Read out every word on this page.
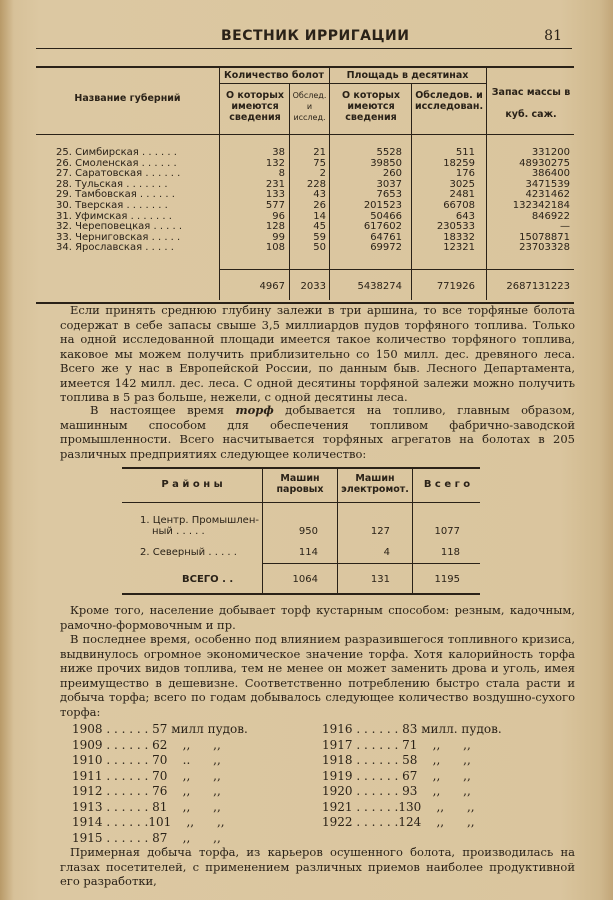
ВЕСТНИК ИРРИГАЦИИ	81
Название губерний
Количество болот
О которых имеются сведения
Обслед. и исслед.
Площадь в десятинах
О которых имеются сведения
Обследов. и исследован.
Запас массы в куб. саж.
25. Симбирская . . . . . .	38	21	5528	511	331200
26. Смоленская . . . . . .	132	75	39850	18259	48930275
27. Саратовская . . . . . .	8	2	260	176	386400
28. Тульская . . . . . . .	231	228	3037	3025	3471539
29. Тамбовская . . . . . .	133	43	7653	2481	4231462
30. Тверская . . . . . . .	577	26	201523	66708	132342184
31. Уфимская . . . . . . .	96	14	50466	643	846922
32. Череповецкая . . . . .	128	45	617602	230533	—
33. Черниговская . . . . .	99	59	64761	18332	15078871
34. Ярославская . . . . .	108	50	69972	12321	23703328
4967	2033	5438274	771926	2687131223
Если принять среднюю глубину залежи в три аршина, то все торфяные болота содержат в себе запасы свыше 3,5 миллиардов пудов торфяного топлива. Только на одной исследованной площади имеется такое количество торфяного топлива, каковое мы можем получить приблизительно со 150 милл. дес. древяного леса. Всего же у нас в Европейской России, по данным быв. Лесного Департамента, имеется 142 милл. дес. леса. С одной десятины торфяной залежи можно получить топлива в 5 раз больше, нежели, с одной десятины леса.
В настоящее время торф добывается на топливо, главным образом, машинным способом для обеспечения топливом фабрично-заводской промышленности. Всего насчитывается торфяных агрегатов на болотах в 205 различных предприятиях следующее количество:
Р а й о н ы
Машин паровых
Машин электромот.	В с е г о
1. Центр. Промышлен-
ный . . . . .	950	127	1077
2. Северный . . . . .	114	4	118
ВСЕГО . .	1064	131	1195
Кроме того, население добывает торф кустарным способом: резным, кадочным, рамочно-формовочным и пр.
В последнее время, особенно под влиянием разразившегося топливного кризиса, выдвинулось огромное экономическое значение торфа. Хотя калорийность торфа ниже прочих видов топлива, тем не менее он может заменить дрова и уголь, имея преимущество в дешевизне. Соответственно потреблению быстро стала расти и добыча торфа; всего по годам добывалось следующее количество воздушно-сухого торфа:
1908 . . . . . . 57 милл пудов.
1909 . . . . . . 62    ,,      ,,
1910 . . . . . . 70    ..      ,,
1911 . . . . . . 70    ,,      ,,
1912 . . . . . . 76    ,,      ,,
1913 . . . . . . 81    ,,      ,,
1914 . . . . . .101    ,,      ,,
1915 . . . . . . 87    ,,      ,,
1916 . . . . . . 83 милл. пудов.
1917 . . . . . . 71    ,,      ,,
1918 . . . . . . 58    ,,      ,,
1919 . . . . . . 67    ,,      ,,
1920 . . . . . . 93    ,,      ,,
1921 . . . . . .130    ,,      ,,
1922 . . . . . .124    ,,      ,,
Примерная добыча торфа, из карьеров осушенного болота, производилась на глазах посетителей, с применением различных приемов наиболее продуктивной его разработки,
